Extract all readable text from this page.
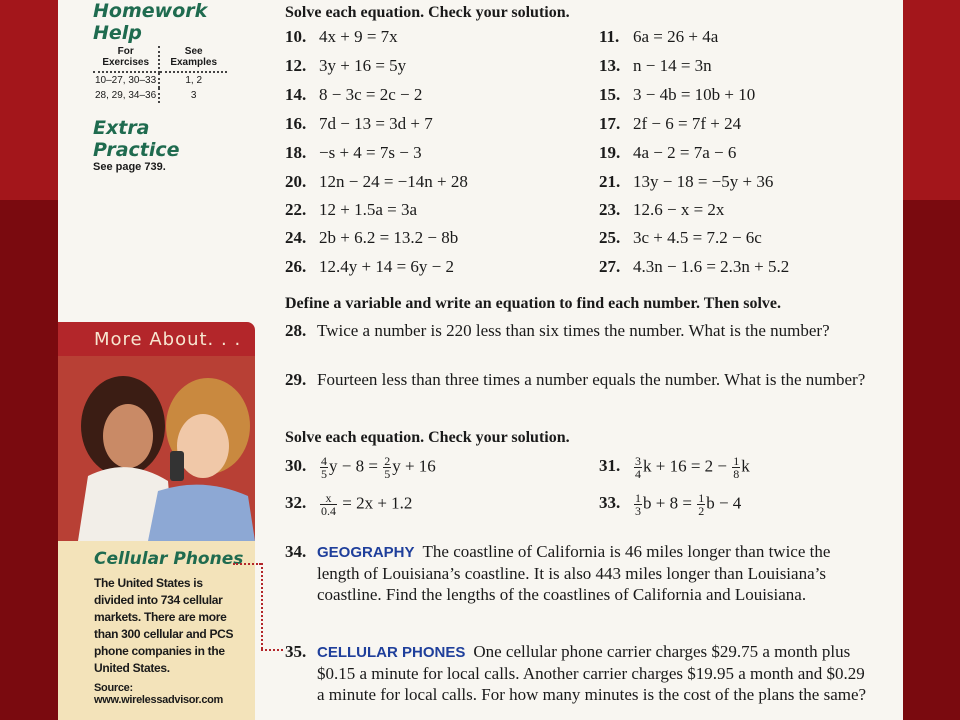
Homework Help
For Exercises	See Examples
10–27, 30–33	1, 2
28, 29, 34–36	3
Extra Practice
See page 739.
More About. . .
Cellular Phones
The United States is divided into 734 cellular markets. There are more than 300 cellular and PCS phone companies in the United States.
Source: www.wirelessadvisor.com
Solve each equation. Check your solution.
10. 4x + 9 = 7x
12. 3y + 16 = 5y
14. 8 − 3c = 2c − 2
16. 7d − 13 = 3d + 7
18. −s + 4 = 7s − 3
20. 12n − 24 = −14n + 28
22. 12 + 1.5a = 3a
24. 2b + 6.2 = 13.2 − 8b
26. 12.4y + 14 = 6y − 2
11. 6a = 26 + 4a
13. n − 14 = 3n
15. 3 − 4b = 10b + 10
17. 2f − 6 = 7f + 24
19. 4a − 2 = 7a − 6
21. 13y − 18 = −5y + 36
23. 12.6 − x = 2x
25. 3c + 4.5 = 7.2 − 6c
27. 4.3n − 1.6 = 2.3n + 5.2
Define a variable and write an equation to find each number. Then solve.
28. Twice a number is 220 less than six times the number. What is the number?
29. Fourteen less than three times a number equals the number. What is the number?
Solve each equation. Check your solution.
30. $\frac{4}{5}$ $y - 8 = \frac{2}{5}$ y + 16	31. $\frac{3}{4}$ $k + 16 = 2 - \frac{1}{8}$ k
32. $\frac{x}{0.4} = 2x + 1.2$	33. $\frac{1}{3}$ $b + 8 = \frac{1}{2}$ b − 4
34. GEOGRAPHY The coastline of California is 46 miles longer than twice the length of Louisiana’s coastline. It is also 443 miles longer than Louisiana’s coastline. Find the lengths of the coastlines of California and Louisiana.
35. CELLULAR PHONES One cellular phone carrier charges $29.75 a month plus $0.15 a minute for local calls. Another carrier charges $19.95 a month and $0.29 a minute for local calls. For how many minutes is the cost of the plans the same?
